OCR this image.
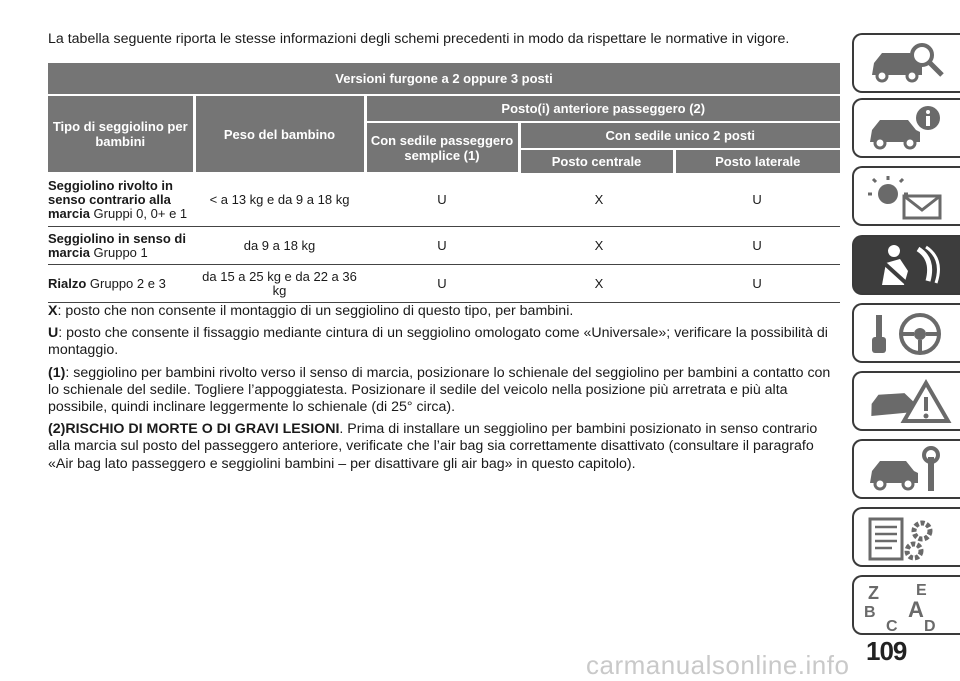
La tabella seguente riporta le stesse informazioni degli schemi precedenti in modo da rispettare le normative in vigore.
Versioni furgone a 2 oppure 3 posti				
Tipo di seggiolino per bambini	Peso del bambino	Posto(i) anteriore passeggero (2)		
		Con sedile passeggero semplice (1)	Con sedile unico 2 posti	
			Posto centrale	Posto laterale
Seggiolino rivolto in senso contrario alla marcia Gruppi 0, 0+ e 1	< a 13 kg e da 9 a 18 kg	U	X	U
Seggiolino in senso di marcia Gruppo 1	da 9 a 18 kg	U	X	U
Rialzo Gruppo 2 e 3	da 15 a 25 kg e da 22 a 36 kg	U	X	U

X: posto che non consente il montaggio di un seggiolino di questo tipo, per bambini.

U: posto che consente il fissaggio mediante cintura di un seggiolino omologato come «Universale»; verificare la possibilità di montaggio.

(1): seggiolino per bambini rivolto verso il senso di marcia, posizionare lo schienale del seggiolino per bambini a contatto con lo schienale del sedile. Togliere l’appoggiatesta. Posizionare il sedile del veicolo nella posizione più arretrata e più alta possibile, quindi inclinare leggermente lo schienale (di 25° circa).

(2)RISCHIO DI MORTE O DI GRAVI LESIONI. Prima di installare un seggiolino per bambini posizionato in senso contrario alla marcia sul posto del passeggero anteriore, verificate che l’air bag sia correttamente disattivato (consultare il paragrafo «Air bag lato passeggero e seggiolini bambini – per disattivare gli air bag» in questo capitolo).

Z E
B A
C D
109
carmanualsonline.info
